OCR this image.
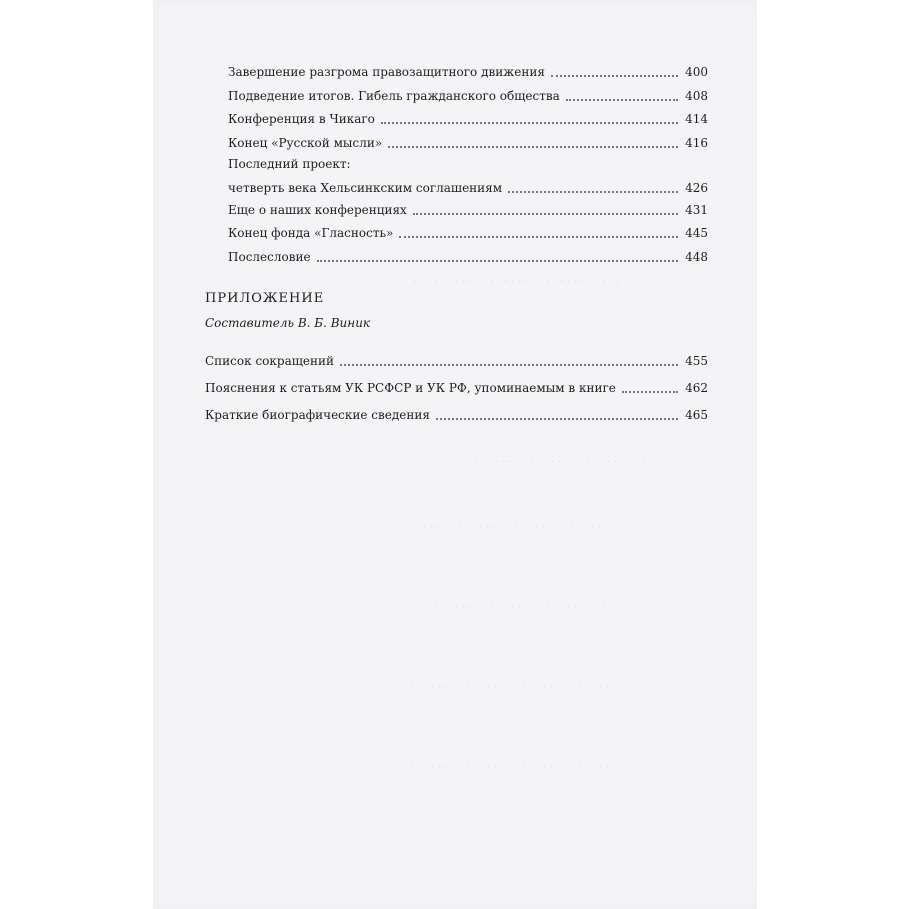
· · · · · · · · · · · · · · · · · · · · · · · · · · · · · ·
· · · · · · · · · · · · · · · · · · · · · · · · · · · · · ·
· · · · · · · · · · · · · · · · · · · · · · · · · · ·
· · · · · · · · · · · · · · · · · · · · · · · · · · · · ·
· · · · · · · · · · · · · · · · · · · · · · · · · · · · · · ·
· · · · · · · · · · · · · · · · · · · · · · · · · · · · · · ·
Завершение разгрома правозащитного движения	400
Подведение итогов. Гибель гражданского общества	408
Конференция в Чикаго	414
Конец «Русской мысли»	416
Последний проект:
четверть века Хельсинкским соглашениям	426
Еще о наших конференциях	431
Конец фонда «Гласность»	445
Послесловие	448
ПРИЛОЖЕНИЕ
Составитель В. Б. Виник
Список сокращений	455
Пояснения к статьям УК РСФСР и УК РФ, упоминаемым в книге	462
Краткие биографические сведения	465
